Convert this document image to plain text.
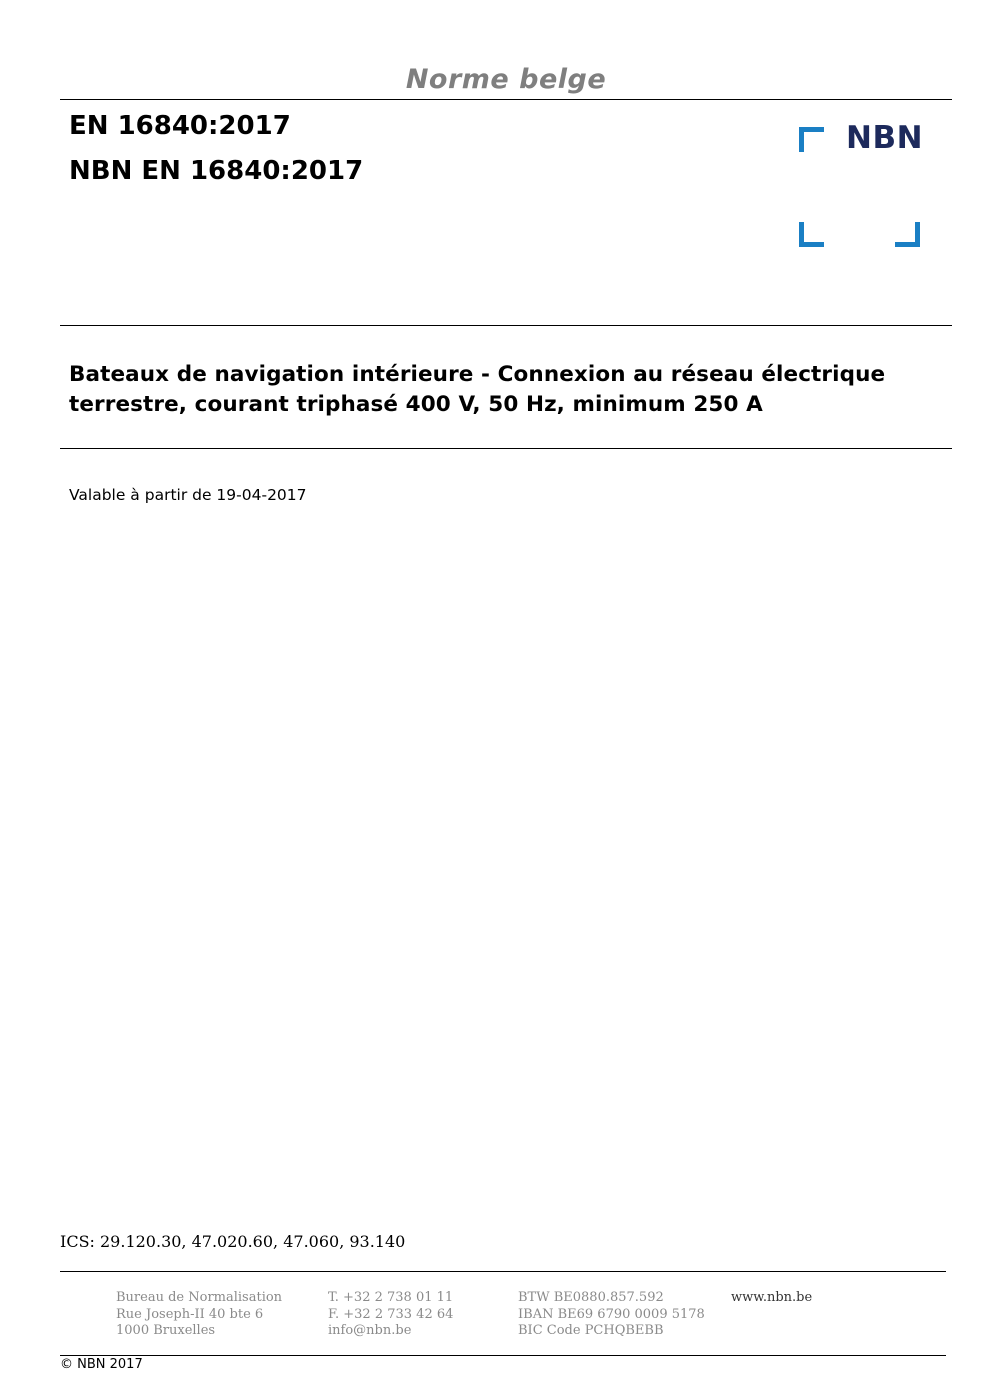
Norme belge
EN 16840:2017
NBN EN 16840:2017
NBN
Bateaux de navigation intérieure - Connexion au réseau électrique
terrestre, courant triphasé 400 V, 50 Hz, minimum 250 A
Valable à partir de 19-04-2017
ICS: 29.120.30, 47.020.60, 47.060, 93.140
Bureau de Normalisation
Rue Joseph-II 40 bte 6
1000 Bruxelles
T. +32 2 738 01 11
F. +32 2 733 42 64
info@nbn.be
BTW BE0880.857.592
IBAN BE69 6790 0009 5178
BIC Code PCHQBEBB
www.nbn.be
© NBN 2017
